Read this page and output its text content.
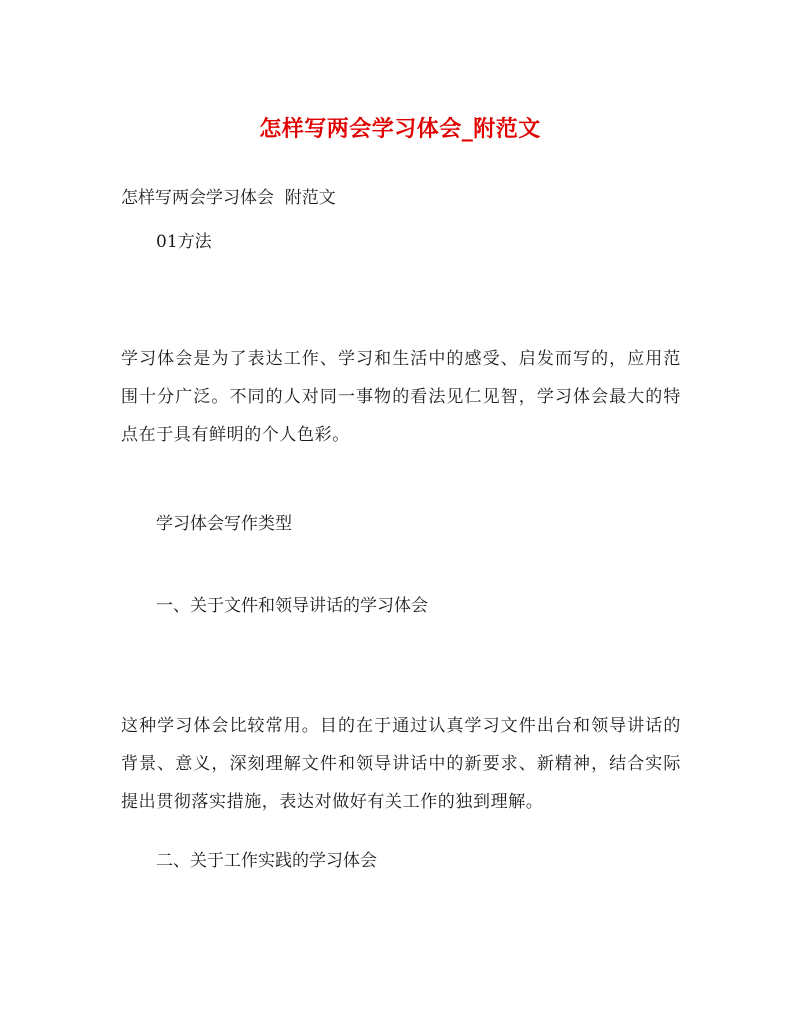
怎样写两会学习体会_附范文
怎样写两会学习体会  附范文
01方法
学习体会是为了表达工作、学习和生活中的感受、启发而写的，应用范围十分广泛。不同的人对同一事物的看法见仁见智，学习体会最大的特点在于具有鲜明的个人色彩。
学习体会写作类型
一、关于文件和领导讲话的学习体会
这种学习体会比较常用。目的在于通过认真学习文件出台和领导讲话的背景、意义，深刻理解文件和领导讲话中的新要求、新精神，结合实际提出贯彻落实措施，表达对做好有关工作的独到理解。
二、关于工作实践的学习体会
